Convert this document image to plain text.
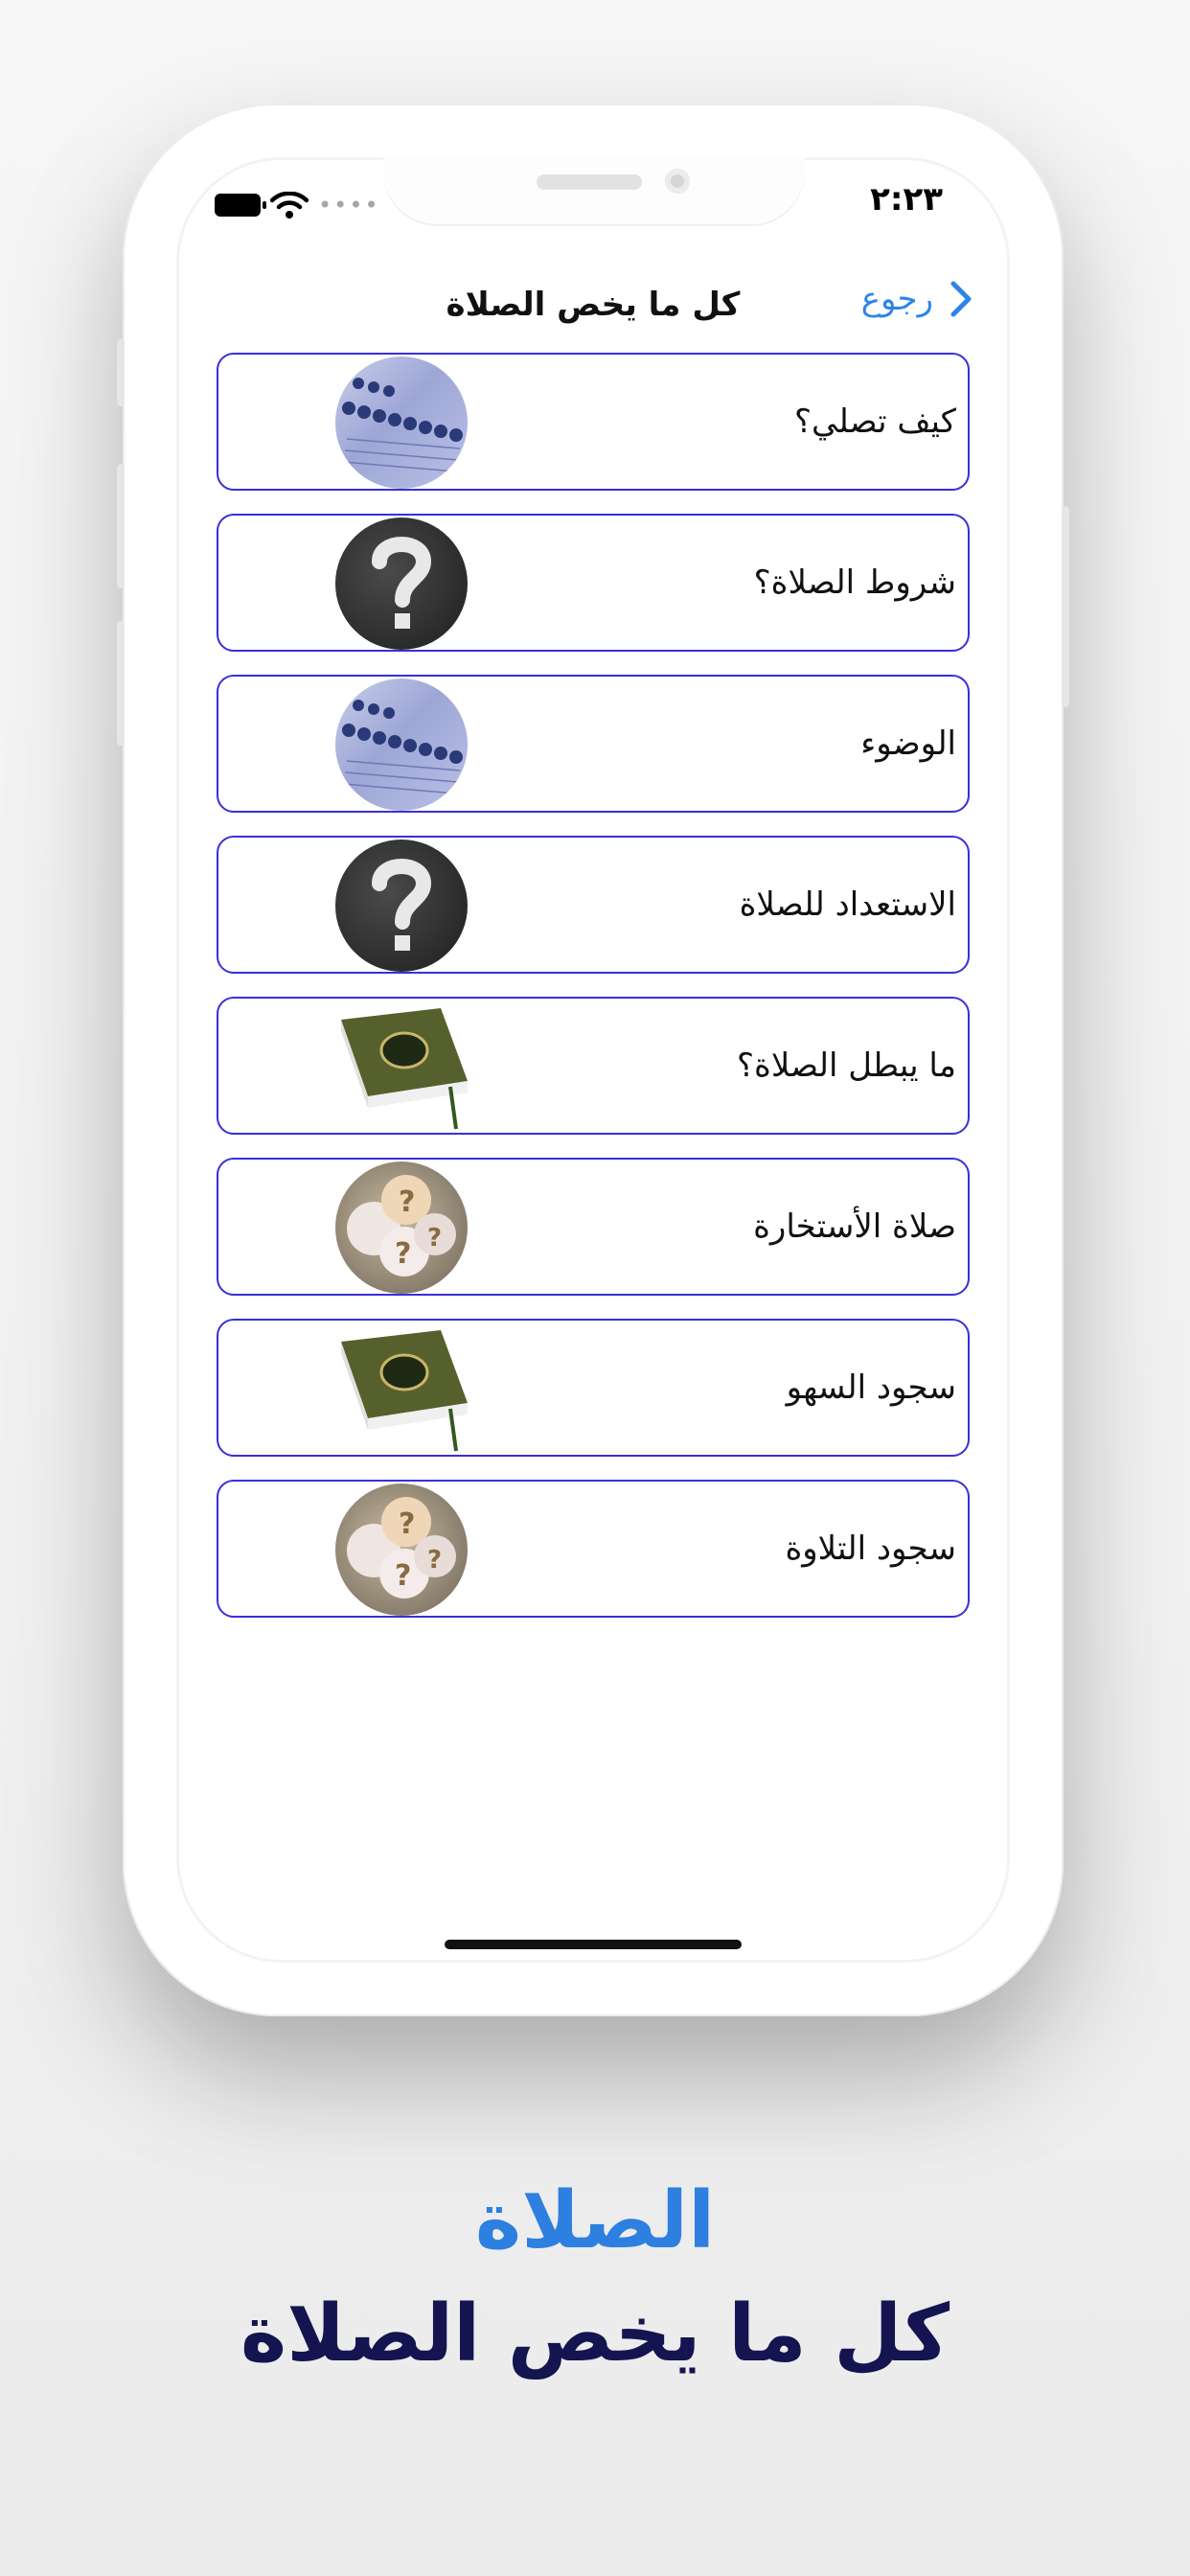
••••	٢:٢٣
كل ما يخص الصلاة	رجوع
كيف تصلي؟
شروط الصلاة؟
الوضوء
الاستعداد للصلاة
ما يبطل الصلاة؟
?
? ?	صلاة الأستخارة
سجود السهو
?
? ?	سجود التلاوة
الصلاة
كل ما يخص الصلاة
